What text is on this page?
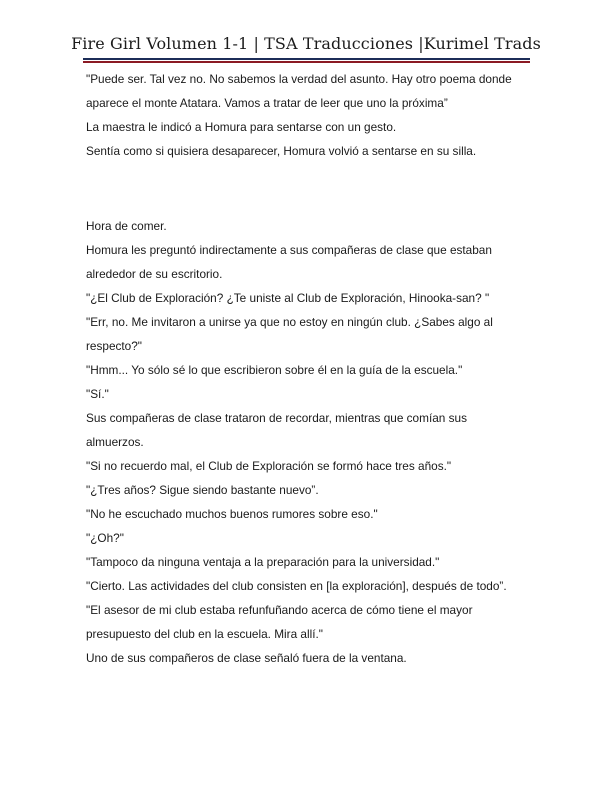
Fire Girl Volumen 1-1 | TSA Traducciones |Kurimel Trads

"Puede ser. Tal vez no. No sabemos la verdad del asunto. Hay otro poema donde
aparece el monte Atatara. Vamos a tratar de leer que uno la próxima”

La maestra le indicó a Homura para sentarse con un gesto.

Sentía como si quisiera desaparecer, Homura volvió a sentarse en su silla.

Hora de comer.

Homura les preguntó indirectamente a sus compañeras de clase que estaban
alrededor de su escritorio.

"¿El Club de Exploración? ¿Te uniste al Club de Exploración, Hinooka-san? "

"Err, no. Me invitaron a unirse ya que no estoy en ningún club. ¿Sabes algo al
respecto?"

"Hmm... Yo sólo sé lo que escribieron sobre él en la guía de la escuela."

"Sí."

Sus compañeras de clase trataron de recordar, mientras que comían sus
almuerzos.

"Si no recuerdo mal, el Club de Exploración se formó hace tres años."

"¿Tres años? Sigue siendo bastante nuevo”.

"No he escuchado muchos buenos rumores sobre eso."

"¿Oh?"

"Tampoco da ninguna ventaja a la preparación para la universidad."

"Cierto. Las actividades del club consisten en [la exploración], después de todo”.

"El asesor de mi club estaba refunfuñando acerca de cómo tiene el mayor
presupuesto del club en la escuela. Mira allí."

Uno de sus compañeros de clase señaló fuera de la ventana.
